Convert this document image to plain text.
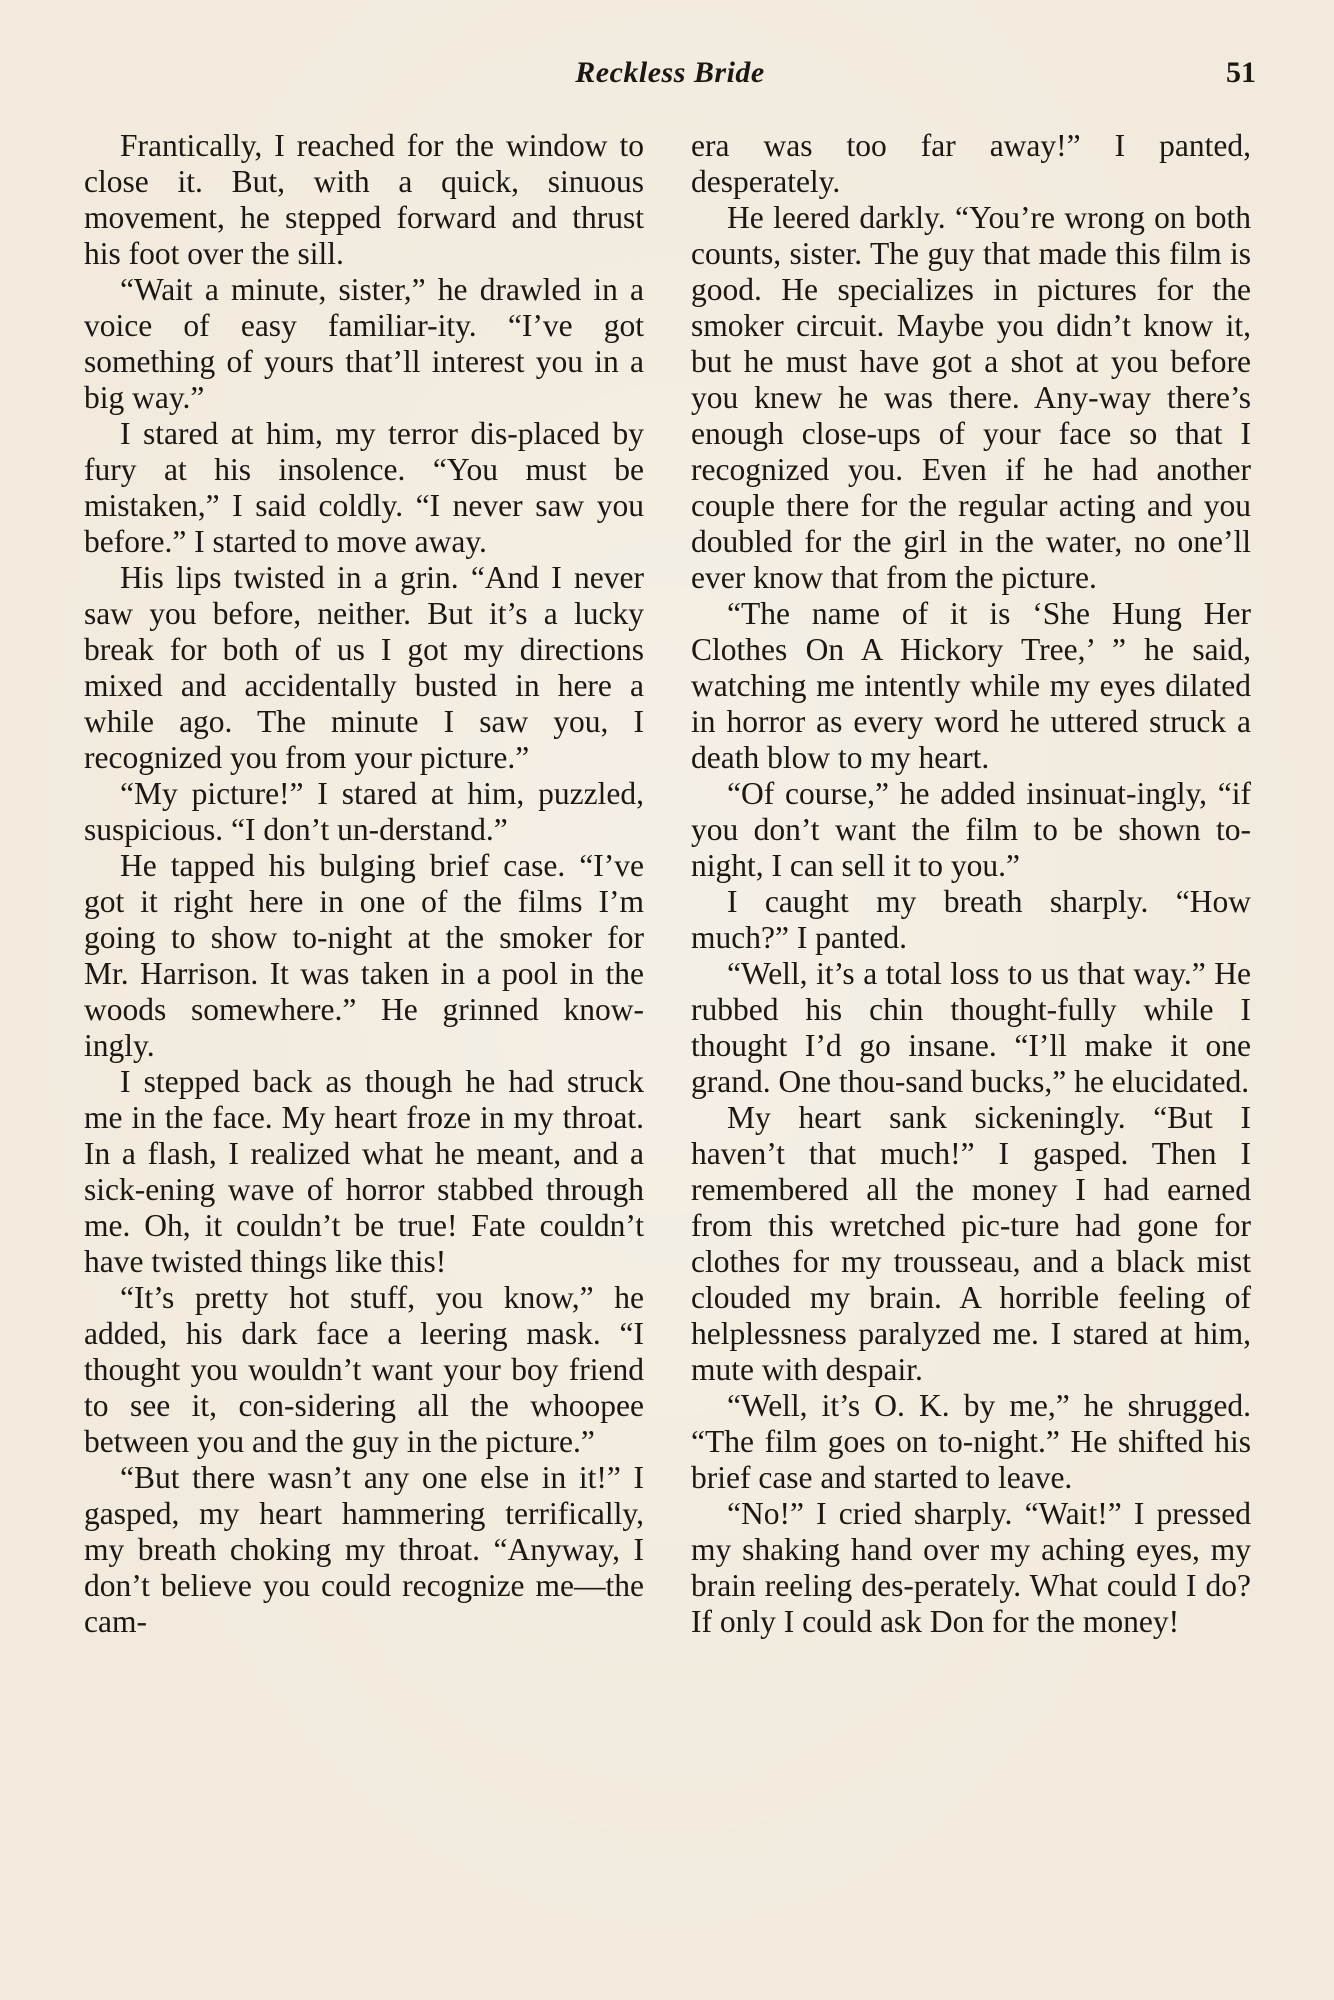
Reckless Bride	51

Frantically, I reached for the window to close it. But, with a quick, sinuous movement, he stepped forward and thrust his foot over the sill.

“Wait a minute, sister,” he drawled in a voice of easy familiar-ity. “I’ve got something of yours that’ll interest you in a big way.”

I stared at him, my terror dis-placed by fury at his insolence. “You must be mistaken,” I said coldly. “I never saw you before.” I started to move away.

His lips twisted in a grin. “And I never saw you before, neither. But it’s a lucky break for both of us I got my directions mixed and accidentally busted in here a while ago. The minute I saw you, I recognized you from your picture.”

“My picture!” I stared at him, puzzled, suspicious. “I don’t un-derstand.”

He tapped his bulging brief case. “I’ve got it right here in one of the films I’m going to show to-night at the smoker for Mr. Harrison. It was taken in a pool in the woods somewhere.” He grinned know-ingly.

I stepped back as though he had struck me in the face. My heart froze in my throat. In a flash, I realized what he meant, and a sick-ening wave of horror stabbed through me. Oh, it couldn’t be true! Fate couldn’t have twisted things like this!

“It’s pretty hot stuff, you know,” he added, his dark face a leering mask. “I thought you wouldn’t want your boy friend to see it, con-sidering all the whoopee between you and the guy in the picture.”

“But there wasn’t any one else in it!” I gasped, my heart hammering terrifically, my breath choking my throat. “Anyway, I don’t believe you could recognize me—the cam-

era was too far away!” I panted, desperately.

He leered darkly. “You’re wrong on both counts, sister. The guy that made this film is good. He specializes in pictures for the smoker circuit. Maybe you didn’t know it, but he must have got a shot at you before you knew he was there. Any-way there’s enough close-ups of your face so that I recognized you. Even if he had another couple there for the regular acting and you doubled for the girl in the water, no one’ll ever know that from the picture.

“The name of it is ‘She Hung Her Clothes On A Hickory Tree,’ ” he said, watching me intently while my eyes dilated in horror as every word he uttered struck a death blow to my heart.

“Of course,” he added insinuat-ingly, “if you don’t want the film to be shown to-night, I can sell it to you.”

I caught my breath sharply. “How much?” I panted.

“Well, it’s a total loss to us that way.” He rubbed his chin thought-fully while I thought I’d go insane. “I’ll make it one grand. One thou-sand bucks,” he elucidated.

My heart sank sickeningly. “But I haven’t that much!” I gasped. Then I remembered all the money I had earned from this wretched pic-ture had gone for clothes for my trousseau, and a black mist clouded my brain. A horrible feeling of helplessness paralyzed me. I stared at him, mute with despair.

“Well, it’s O. K. by me,” he shrugged. “The film goes on to-night.” He shifted his brief case and started to leave.

“No!” I cried sharply. “Wait!” I pressed my shaking hand over my aching eyes, my brain reeling des-perately. What could I do? If only I could ask Don for the money!
